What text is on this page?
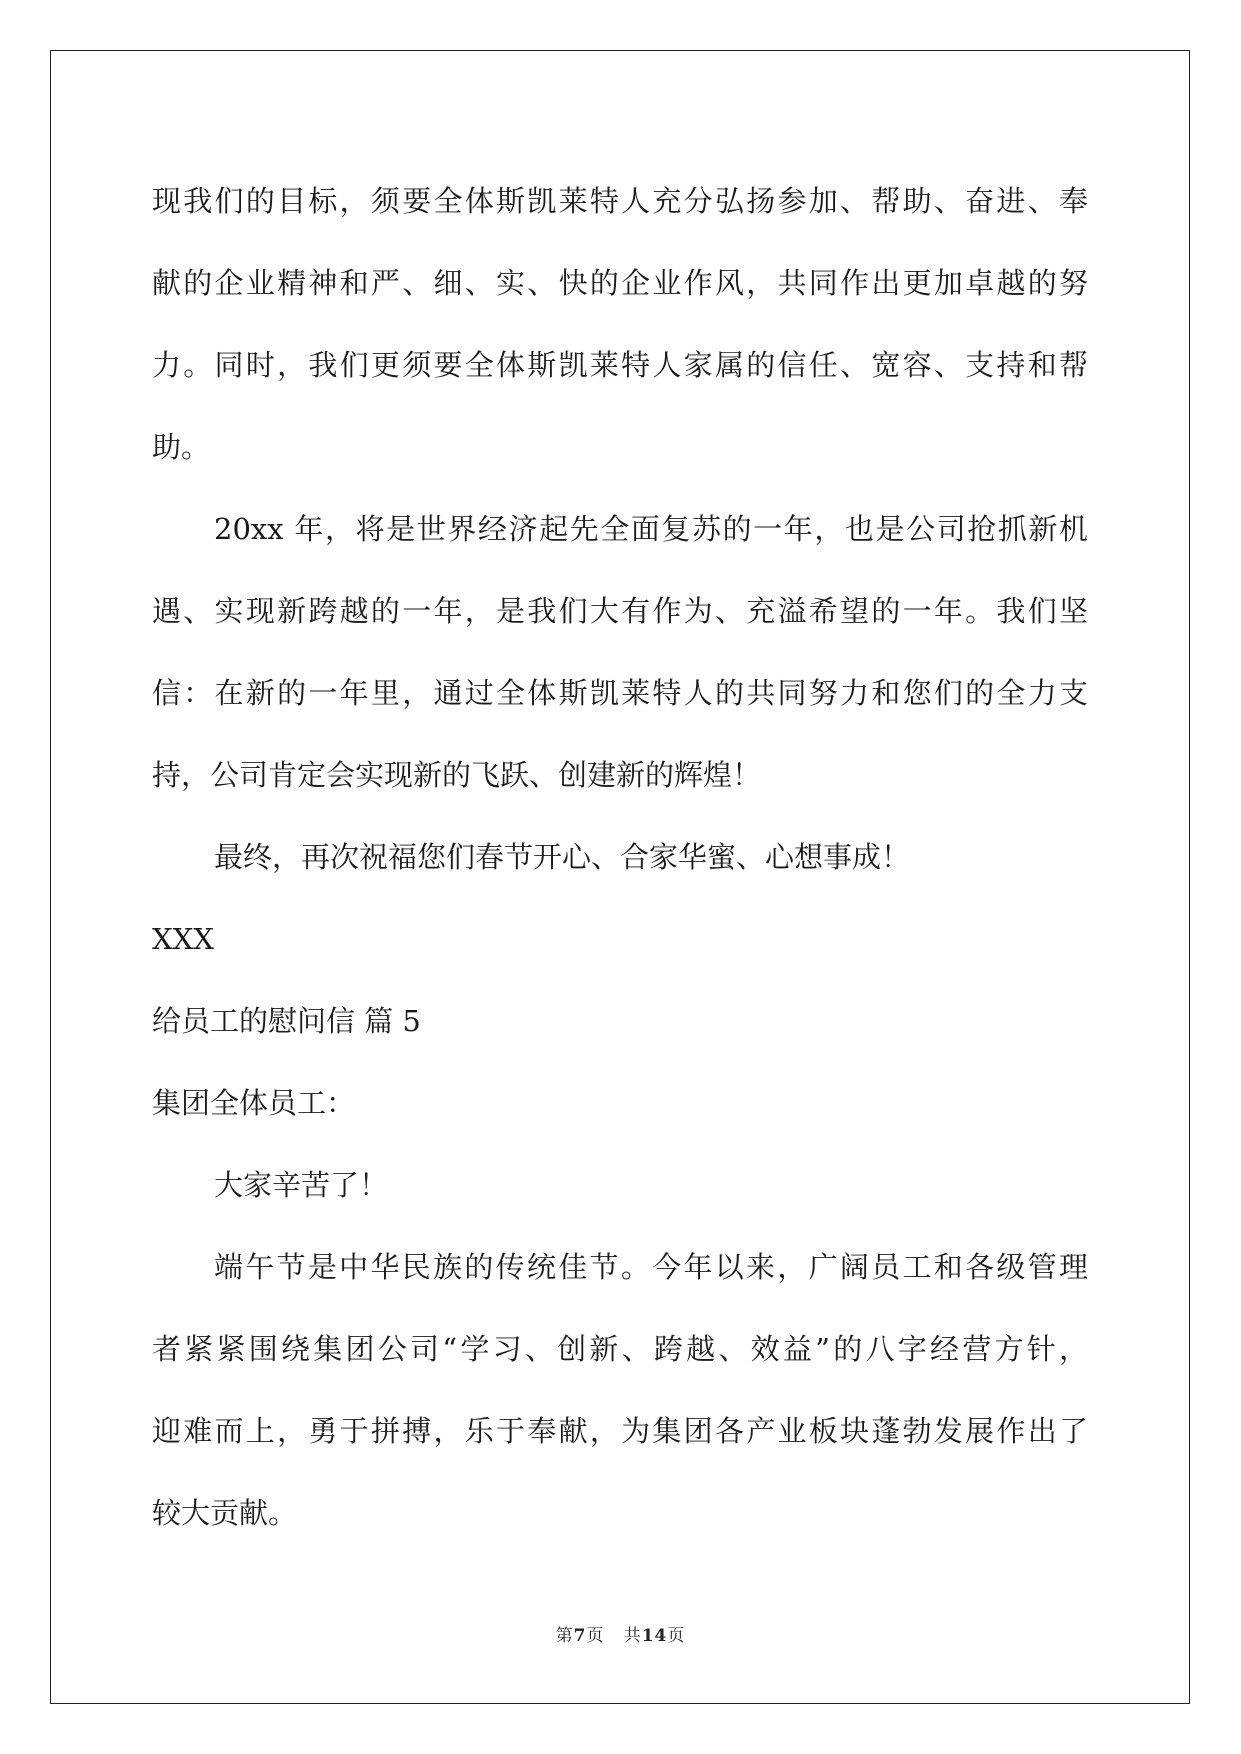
现我们的目标，须要全体斯凯莱特人充分弘扬参加、帮助、奋进、奉

献的企业精神和严、细、实、快的企业作风，共同作出更加卓越的努

力。同时，我们更须要全体斯凯莱特人家属的信任、宽容、支持和帮

助。

20xx 年，将是世界经济起先全面复苏的一年，也是公司抢抓新机

遇、实现新跨越的一年，是我们大有作为、充溢希望的一年。我们坚

信：在新的一年里，通过全体斯凯莱特人的共同努力和您们的全力支

持，公司肯定会实现新的飞跃、创建新的辉煌！

最终，再次祝福您们春节开心、合家华蜜、心想事成！

XXX

给员工的慰问信 篇 5

集团全体员工：

大家辛苦了！

端午节是中华民族的传统佳节。今年以来，广阔员工和各级管理

者紧紧围绕集团公司“学习、创新、跨越、效益”的八字经营方针，

迎难而上，勇于拼搏，乐于奉献，为集团各产业板块蓬勃发展作出了

较大贡献。

第7页 共14页
